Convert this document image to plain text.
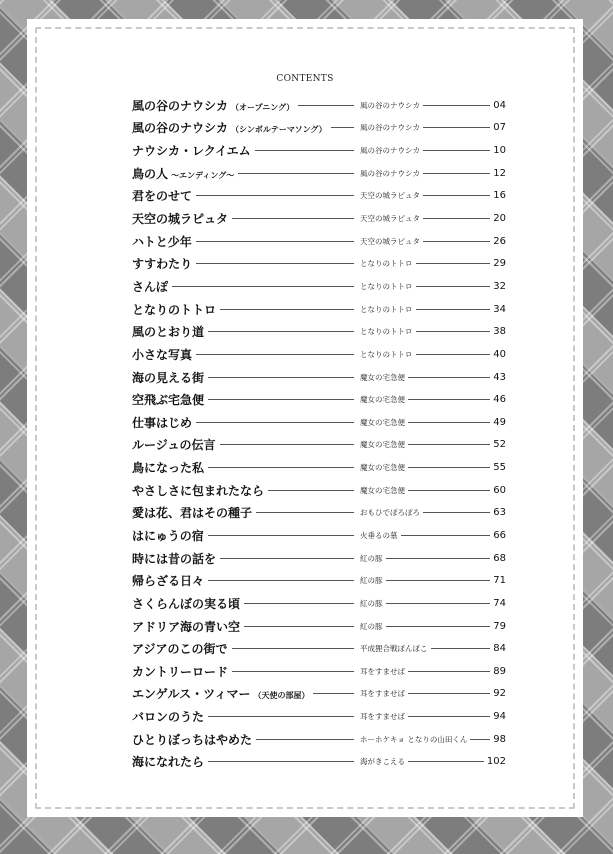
CONTENTS
風の谷のナウシカ （オープニング）	風の谷のナウシカ	04
風の谷のナウシカ （シンボルテーマソング）	風の谷のナウシカ	07
ナウシカ・レクイエム	風の谷のナウシカ	10
鳥の人 〜エンディング〜	風の谷のナウシカ	12
君をのせて	天空の城ラピュタ	16
天空の城ラピュタ	天空の城ラピュタ	20
ハトと少年	天空の城ラピュタ	26
すすわたり	となりのトトロ	29
さんぽ	となりのトトロ	32
となりのトトロ	となりのトトロ	34
風のとおり道	となりのトトロ	38
小さな写真	となりのトトロ	40
海の見える街	魔女の宅急便	43
空飛ぶ宅急便	魔女の宅急便	46
仕事はじめ	魔女の宅急便	49
ルージュの伝言	魔女の宅急便	52
鳥になった私	魔女の宅急便	55
やさしさに包まれたなら	魔女の宅急便	60
愛は花、君はその種子	おもひでぽろぽろ	63
はにゅうの宿	火垂るの墓	66
時には昔の話を	紅の豚	68
帰らざる日々	紅の豚	71
さくらんぼの実る頃	紅の豚	74
アドリア海の青い空	紅の豚	79
アジアのこの街で	平成狸合戦ぽんぽこ	84
カントリーロード	耳をすませば	89
エンゲルス・ツィマー （天使の部屋）	耳をすませば	92
バロンのうた	耳をすませば	94
ひとりぼっちはやめた	ホーホケキョ となりの山田くん	98
海になれたら	海がきこえる	102
